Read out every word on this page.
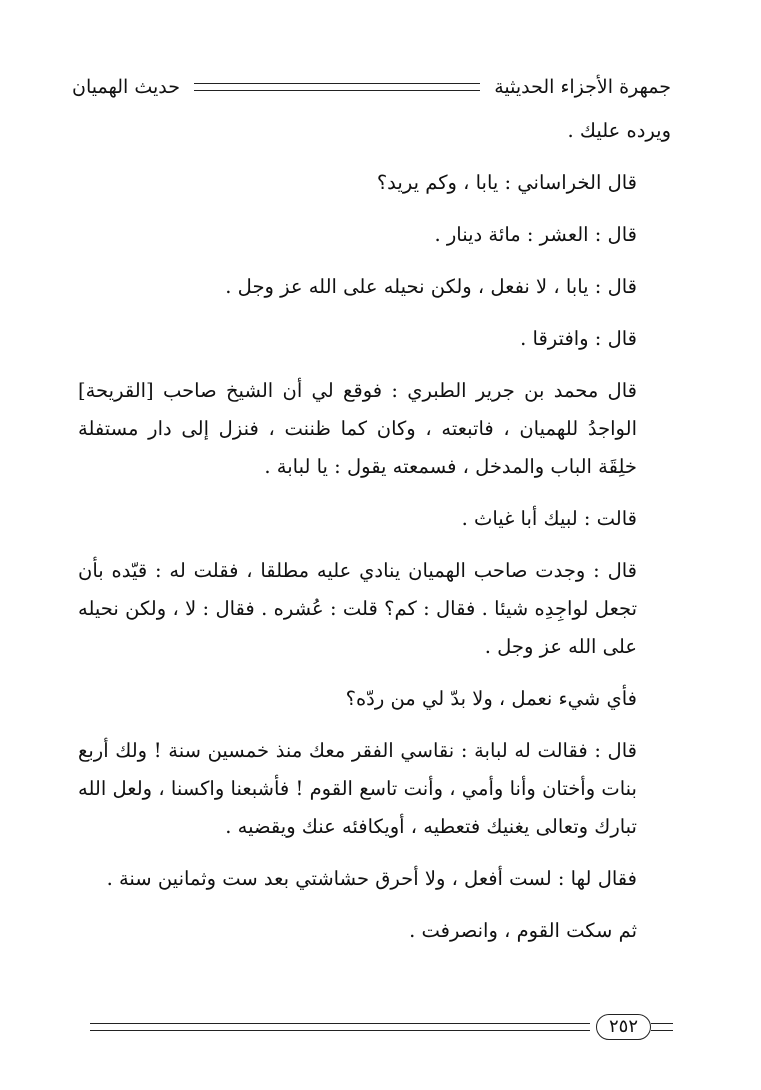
حديث الهميان	جمهرة الأجزاء الحديثية

ويرده عليك .

قال الخراساني : يابا ، وكم يريد؟

قال : العشر : مائة دينار .

قال : يابا ، لا نفعل ، ولكن نحيله على الله عز وجل .

قال : وافترقا .

قال محمد بن جرير الطبري : فوقع لي أن الشيخ صاحب [القريحة] الواجدُ للهميان ، فاتبعته ، وكان كما ظننت ، فنزل إلى دار مستفلة خلِقَة الباب والمدخل ، فسمعته يقول : يا لبابة .

قالت : لبيك أبا غياث .

قال : وجدت صاحب الهميان ينادي عليه مطلقا ، فقلت له : قيّده بأن تجعل لواجِدِه شيئا . فقال : كم؟ قلت : عُشره . فقال : لا ، ولكن نحيله على الله عز وجل .

فأي شيء نعمل ، ولا بدّ لي من ردّه؟

قال : فقالت له لبابة : نقاسي الفقر معك منذ خمسين سنة ! ولك أربع بنات وأختان وأنا وأمي ، وأنت تاسع القوم ! فأشبعنا واكسنا ، ولعل الله تبارك وتعالى يغنيك فتعطيه ، أويكافئه عنك ويقضيه .

فقال لها : لست أفعل ، ولا أحرق حشاشتي بعد ست وثمانين سنة .

ثم سكت القوم ، وانصرفت .

٢٥٢
